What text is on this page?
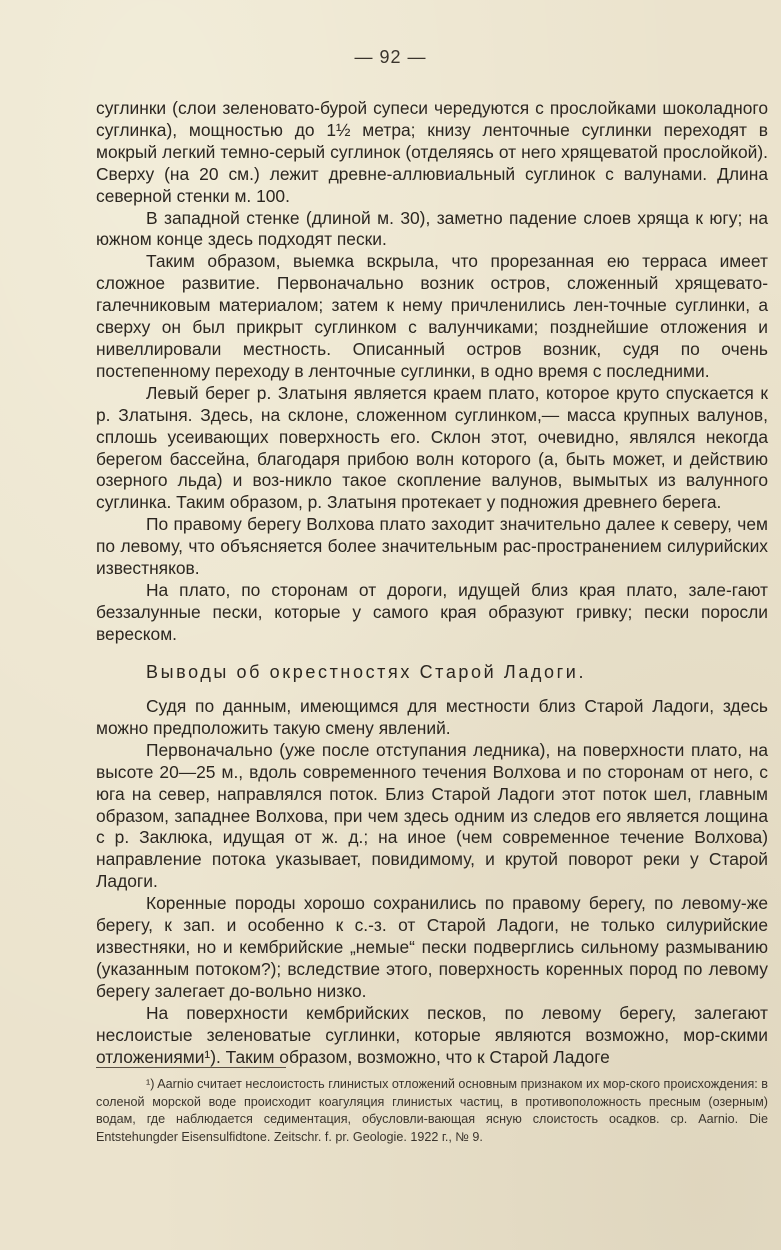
— 92 —

суглинки (слои зеленовато-бурой супеси чередуются с прослойками шоколадного суглинка), мощностью до 1½ метра; книзу ленточные суглинки переходят в мокрый легкий темно-серый суглинок (отделяясь от него хрящеватой прослойкой). Сверху (на 20 см.) лежит древне-аллювиальный суглинок с валунами. Длина северной стенки м. 100.

В западной стенке (длиной м. 30), заметно падение слоев хряща к югу; на южном конце здесь подходят пески.

Таким образом, выемка вскрыла, что прорезанная ею терраса имеет сложное развитие. Первоначально возник остров, сложенный хрящевато-галечниковым материалом; затем к нему причленились лен-точные суглинки, а сверху он был прикрыт суглинком с валунчиками; позднейшие отложения и нивеллировали местность. Описанный остров возник, судя по очень постепенному переходу в ленточные суглинки, в одно время с последними.

Левый берег р. Златыня является краем плато, которое круто спускается к р. Златыня. Здесь, на склоне, сложенном суглинком,— масса крупных валунов, сплошь усеивающих поверхность его. Склон этот, очевидно, являлся некогда берегом бассейна, благодаря прибою волн которого (а, быть может, и действию озерного льда) и воз-никло такое скопление валунов, вымытых из валунного суглинка. Таким образом, р. Златыня протекает у подножия древнего берега.

По правому берегу Волхова плато заходит значительно далее к северу, чем по левому, что объясняется более значительным рас-пространением силурийских известняков.

На плато, по сторонам от дороги, идущей близ края плато, зале-гают беззалунные пески, которые у самого края образуют гривку; пески поросли вереском.

Выводы об окрестностях Старой Ладоги.

Судя по данным, имеющимся для местности близ Старой Ладоги, здесь можно предположить такую смену явлений.

Первоначально (уже после отступания ледника), на поверхности плато, на высоте 20—25 м., вдоль современного течения Волхова и по сторонам от него, с юга на север, направлялся поток. Близ Старой Ладоги этот поток шел, главным образом, западнее Волхова, при чем здесь одним из следов его является лощина с р. Заклюка, идущая от ж. д.; на иное (чем современное течение Волхова) направление потока указывает, повидимому, и крутой поворот реки у Старой Ладоги.

Коренные породы хорошо сохранились по правому берегу, по левому-же берегу, к зап. и особенно к с.-з. от Старой Ладоги, не только силурийские известняки, но и кембрийские „немые“ пески подверглись сильному размыванию (указанным потоком?); вследствие этого, поверхность коренных пород по левому берегу залегает до-вольно низко.

На поверхности кембрийских песков, по левому берегу, залегают неслоистые зеленоватые суглинки, которые являются возможно, мор-скими отложениями¹). Таким образом, возможно, что к Старой Ладоге

¹) Aarnio считает неслоистость глинистых отложений основным признаком их мор-ского происхождения: в соленой морской воде происходит коагуляция глинистых частиц, в противоположность пресным (озерным) водам, где наблюдается седиментация, обусловли-вающая ясную слоистость осадков. ср. Aarnio. Die Entstehungder Eisensulfidtone. Zeitschr. f. pr. Geologie. 1922 г., № 9.
